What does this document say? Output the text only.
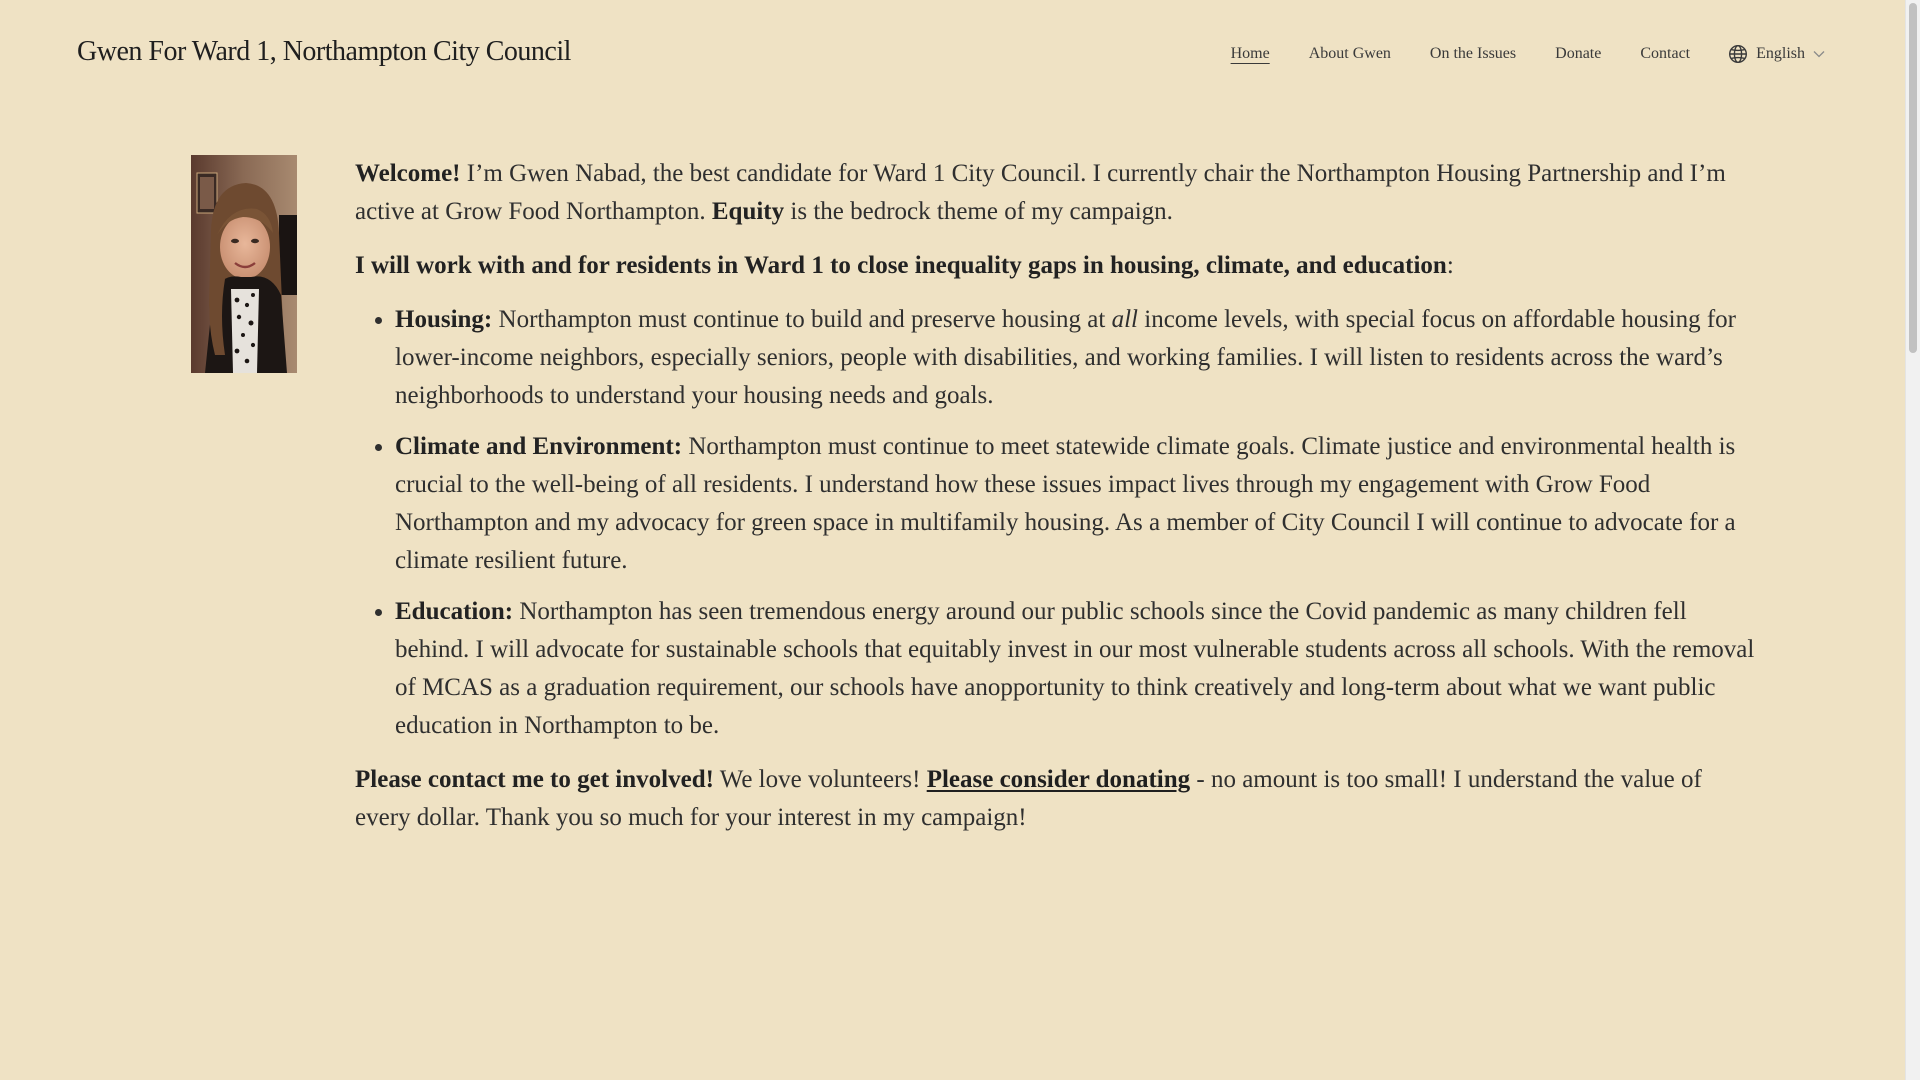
Gwen For Ward 1, Northampton City Council	Home About Gwen On the Issues Donate Contact	English

Welcome! I’m Gwen Nabad, the best candidate for Ward 1 City Council. I currently chair the Northampton Housing Partnership and I’m active at Grow Food Northampton. Equity is the bedrock theme of my campaign.

I will work with and for residents in Ward 1 to close inequality gaps in housing, climate, and education:

• Housing: Northampton must continue to build and preserve housing at all income levels, with special focus on affordable housing for lower-income neighbors, especially seniors, people with disabilities, and working families. I will listen to residents across the ward’s neighborhoods to understand your housing needs and goals.
• Climate and Environment: Northampton must continue to meet statewide climate goals. Climate justice and environmental health is crucial to the well-being of all residents. I understand how these issues impact lives through my engagement with Grow Food Northampton and my advocacy for green space in multifamily housing. As a member of City Council I will continue to advocate for a climate resilient future.
• Education: Northampton has seen tremendous energy around our public schools since the Covid pandemic as many children fell behind. I will advocate for sustainable schools that equitably invest in our most vulnerable students across all schools. With the removal of MCAS as a graduation requirement, our schools have anopportunity to think creatively and long-term about what we want public education in Northampton to be.

Please contact me to get involved! We love volunteers! Please consider donating - no amount is too small! I understand the value of every dollar. Thank you so much for your interest in my campaign!
